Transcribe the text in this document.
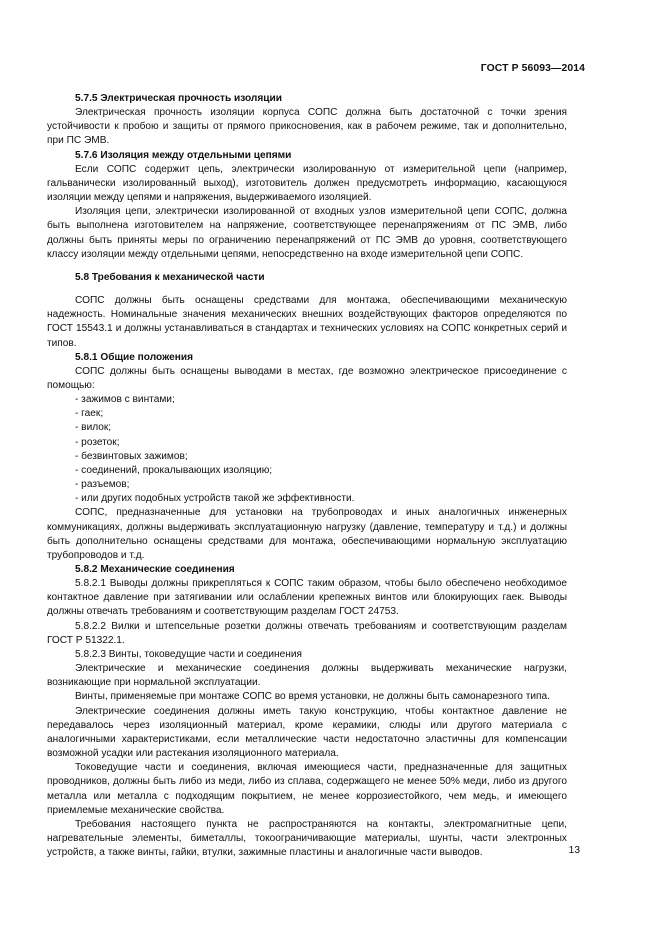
ГОСТ Р 56093—2014

5.7.5 Электрическая прочность изоляции

Электрическая прочность изоляции корпуса СОПС должна быть достаточной с точки зрения устойчивости к пробою и защиты от прямого прикосновения, как в рабочем режиме, так и дополнительно, при ПС ЭМВ.

5.7.6 Изоляция между отдельными цепями

Если СОПС содержит цепь, электрически изолированную от измерительной цепи (например, гальванически изолированный выход), изготовитель должен предусмотреть информацию, касающуюся изоляции между цепями и напряжения, выдерживаемого изоляцией.

Изоляция цепи, электрически изолированной от входных узлов измерительной цепи СОПС, должна быть выполнена изготовителем на напряжение, соответствующее перенапряжениям от ПС ЭМВ, либо должны быть приняты меры по ограничению перенапряжений от ПС ЭМВ до уровня, соответствующего классу изоляции между отдельными цепями, непосредственно на входе измерительной цепи СОПС.

5.8 Требования к механической части

СОПС должны быть оснащены средствами для монтажа, обеспечивающими механическую надежность. Номинальные значения механических внешних воздействующих факторов определяются по ГОСТ 15543.1 и должны устанавливаться в стандартах и технических условиях на СОПС конкретных серий и типов.

5.8.1 Общие положения

СОПС должны быть оснащены выводами в местах, где возможно электрическое присоединение с помощью:

- зажимов с винтами;

- гаек;

- вилок;

- розеток;

- безвинтовых зажимов;

- соединений, прокалывающих изоляцию;

- разъемов;

- или других подобных устройств такой же эффективности.

СОПС, предназначенные для установки на трубопроводах и иных аналогичных инженерных коммуникациях, должны выдерживать эксплуатационную нагрузку (давление, температуру и т.д.) и должны быть дополнительно оснащены средствами для монтажа, обеспечивающими нормальную эксплуатацию трубопроводов и т.д.

5.8.2 Механические соединения

5.8.2.1 Выводы должны прикрепляться к СОПС таким образом, чтобы было обеспечено необходимое контактное давление при затягивании или ослаблении крепежных винтов или блокирующих гаек. Выводы должны отвечать требованиям и соответствующим разделам ГОСТ 24753.

5.8.2.2 Вилки и штепсельные розетки должны отвечать требованиям и соответствующим разделам ГОСТ Р 51322.1.

5.8.2.3 Винты, токоведущие части и соединения

Электрические и механические соединения должны выдерживать механические нагрузки, возникающие при нормальной эксплуатации.

Винты, применяемые при монтаже СОПС во время установки, не должны быть самонарезного типа.

Электрические соединения должны иметь такую конструкцию, чтобы контактное давление не передавалось через изоляционный материал, кроме керамики, слюды или другого материала с аналогичными характеристиками, если металлические части недостаточно эластичны для компенсации возможной усадки или растекания изоляционного материала.

Токоведущие части и соединения, включая имеющиеся части, предназначенные для защитных проводников, должны быть либо из меди, либо из сплава, содержащего не менее 50% меди, либо из другого металла или металла с подходящим покрытием, не менее коррозиестойкого, чем медь, и имеющего приемлемые механические свойства.

Требования настоящего пункта не распространяются на контакты, электромагнитные цепи, нагревательные элементы, биметаллы, токоограничивающие материалы, шунты, части электронных устройств, а также винты, гайки, втулки, зажимные пластины и аналогичные части выводов.	13
